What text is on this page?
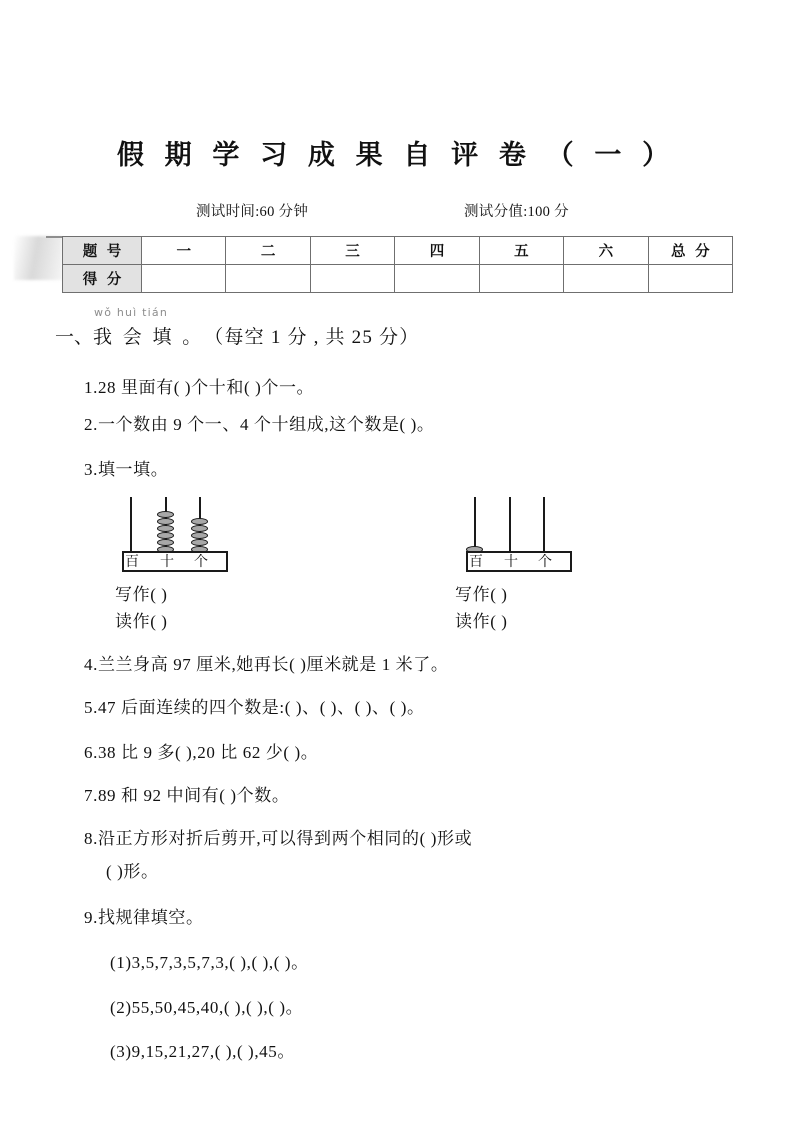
假 期 学 习 成 果 自 评 卷 （ 一 ）
测试时间:60 分钟	测试分值:100 分
题 号	一	二	三	四	五	六	总 分
得 分							
一、
wǒ huì tián
我 会 填 。（每空 1 分 , 共 25 分）
1.28 里面有( )个十和( )个一。
2.一个数由 9 个一、4 个十组成,这个数是( )。
3.填一填。
百 十 个
写作( )
读作( )
百 十 个
写作( )
读作( )
4.兰兰身高 97 厘米,她再长( )厘米就是 1 米了。
5.47 后面连续的四个数是:( )、( )、( )、( )。
6.38 比 9 多( ),20 比 62 少( )。
7.89 和 92 中间有( )个数。
8.沿正方形对折后剪开,可以得到两个相同的( )形或
( )形。
9.找规律填空。
(1)3,5,7,3,5,7,3,( ),( ),( )。
(2)55,50,45,40,( ),( ),( )。
(3)9,15,21,27,( ),( ),45。
